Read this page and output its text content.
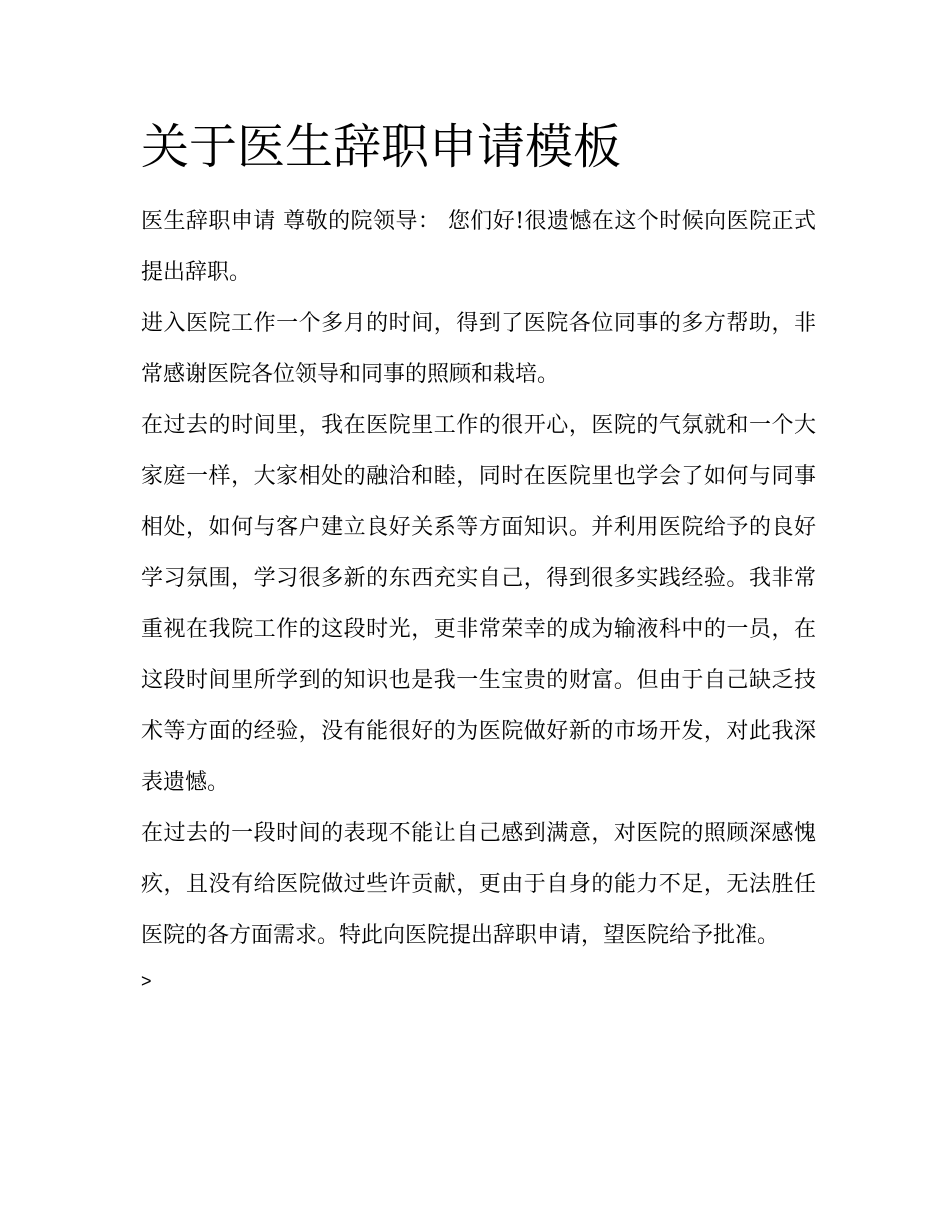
关于医生辞职申请模板

医生辞职申请 尊敬的院领导： 您们好!很遗憾在这个时候向医院正式提出辞职。

进入医院工作一个多月的时间，得到了医院各位同事的多方帮助，非常感谢医院各位领导和同事的照顾和栽培。

在过去的时间里，我在医院里工作的很开心，医院的气氛就和一个大家庭一样，大家相处的融洽和睦，同时在医院里也学会了如何与同事相处，如何与客户建立良好关系等方面知识。并利用医院给予的良好学习氛围，学习很多新的东西充实自己，得到很多实践经验。我非常重视在我院工作的这段时光，更非常荣幸的成为输液科中的一员，在这段时间里所学到的知识也是我一生宝贵的财富。但由于自己缺乏技术等方面的经验，没有能很好的为医院做好新的市场开发，对此我深表遗憾。

在过去的一段时间的表现不能让自己感到满意，对医院的照顾深感愧疚，且没有给医院做过些许贡献，更由于自身的能力不足，无法胜任医院的各方面需求。特此向医院提出辞职申请，望医院给予批准。

>
